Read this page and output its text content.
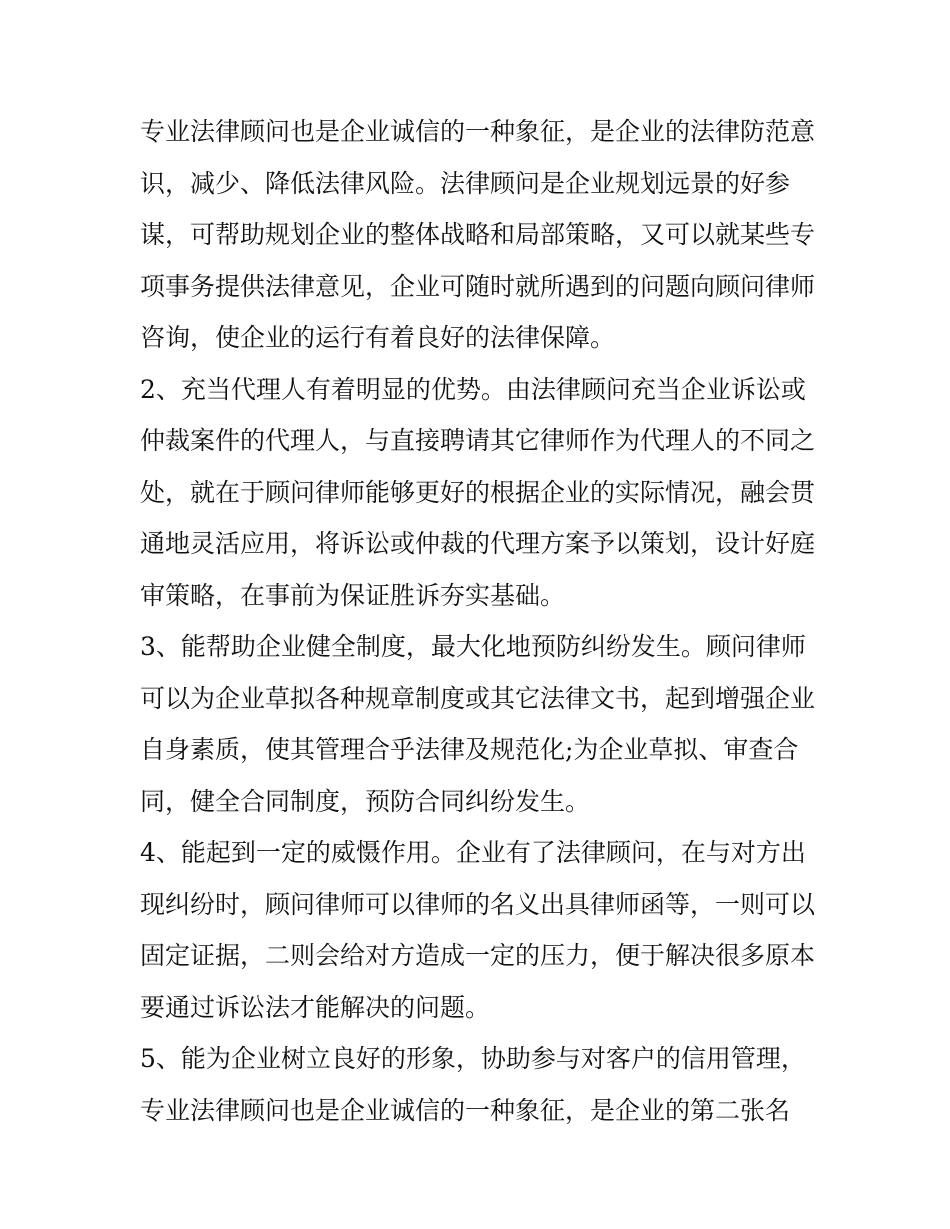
专业法律顾问也是企业诚信的一种象征，是企业的法律防范意
识，减少、降低法律风险。法律顾问是企业规划远景的好参
谋，可帮助规划企业的整体战略和局部策略，又可以就某些专
项事务提供法律意见，企业可随时就所遇到的问题向顾问律师
咨询，使企业的运行有着良好的法律保障。
2、充当代理人有着明显的优势。由法律顾问充当企业诉讼或
仲裁案件的代理人，与直接聘请其它律师作为代理人的不同之
处，就在于顾问律师能够更好的根据企业的实际情况，融会贯
通地灵活应用，将诉讼或仲裁的代理方案予以策划，设计好庭
审策略，在事前为保证胜诉夯实基础。
3、能帮助企业健全制度，最大化地预防纠纷发生。顾问律师
可以为企业草拟各种规章制度或其它法律文书，起到增强企业
自身素质，使其管理合乎法律及规范化;为企业草拟、审查合
同，健全合同制度，预防合同纠纷发生。
4、能起到一定的威慑作用。企业有了法律顾问，在与对方出
现纠纷时，顾问律师可以律师的名义出具律师函等，一则可以
固定证据，二则会给对方造成一定的压力，便于解决很多原本
要通过诉讼法才能解决的问题。
5、能为企业树立良好的形象，协助参与对客户的信用管理，
专业法律顾问也是企业诚信的一种象征，是企业的第二张名
